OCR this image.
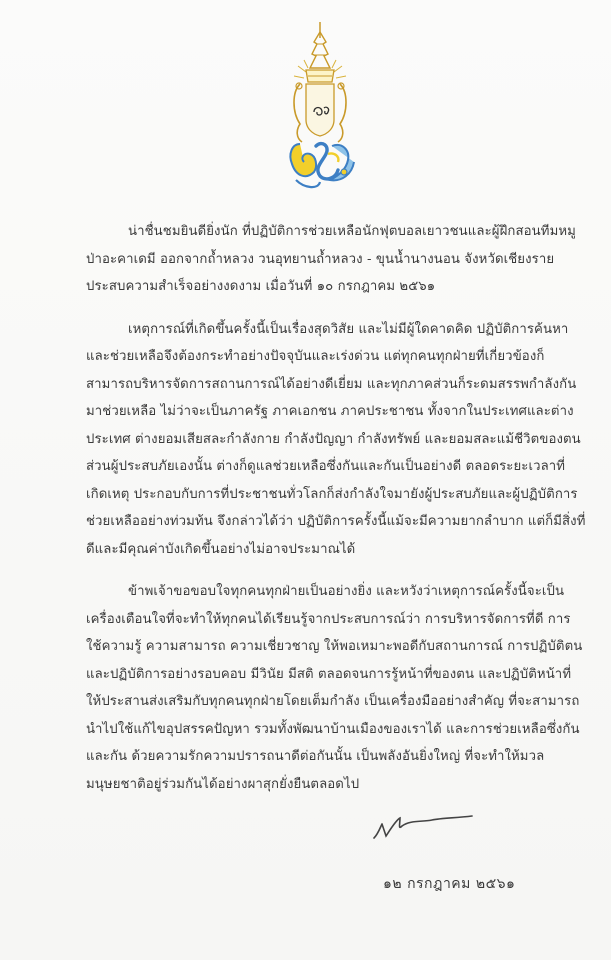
น่าชื่นชมยินดียิ่งนัก ที่ปฏิบัติการช่วยเหลือนักฟุตบอลเยาวชนและผู้ฝึกสอนทีมหมูป่าอะคาเดมี ออกจากถ้ำหลวง วนอุทยานถ้ำหลวง - ขุนน้ำนางนอน จังหวัดเชียงราย ประสบความสำเร็จอย่างงดงาม เมื่อวันที่ ๑๐ กรกฎาคม ๒๕๖๑

เหตุการณ์ที่เกิดขึ้นครั้งนี้เป็นเรื่องสุดวิสัย และไม่มีผู้ใดคาดคิด ปฏิบัติการค้นหาและช่วยเหลือจึงต้องกระทำอย่างปัจจุบันและเร่งด่วน แต่ทุกคนทุกฝ่ายที่เกี่ยวข้องก็สามารถบริหารจัดการสถานการณ์ได้อย่างดีเยี่ยม และทุกภาคส่วนก็ระดมสรรพกำลังกันมาช่วยเหลือ ไม่ว่าจะเป็นภาครัฐ ภาคเอกชน ภาคประชาชน ทั้งจากในประเทศและต่างประเทศ ต่างยอมเสียสละกำลังกาย กำลังปัญญา กำลังทรัพย์ และยอมสละแม้ชีวิตของตน ส่วนผู้ประสบภัยเองนั้น ต่างก็ดูแลช่วยเหลือซึ่งกันและกันเป็นอย่างดี ตลอดระยะเวลาที่เกิดเหตุ ประกอบกับการที่ประชาชนทั่วโลกก็ส่งกำลังใจมายังผู้ประสบภัยและผู้ปฏิบัติการช่วยเหลืออย่างท่วมท้น จึงกล่าวได้ว่า ปฏิบัติการครั้งนี้แม้จะมีความยากลำบาก แต่ก็มีสิ่งที่ดีและมีคุณค่าบังเกิดขึ้นอย่างไม่อาจประมาณได้

ข้าพเจ้าขอขอบใจทุกคนทุกฝ่ายเป็นอย่างยิ่ง และหวังว่าเหตุการณ์ครั้งนี้จะเป็นเครื่องเตือนใจที่จะทำให้ทุกคนได้เรียนรู้จากประสบการณ์ว่า การบริหารจัดการที่ดี การใช้ความรู้ ความสามารถ ความเชี่ยวชาญ ให้พอเหมาะพอดีกับสถานการณ์ การปฏิบัติตนและปฏิบัติการอย่างรอบคอบ มีวินัย มีสติ ตลอดจนการรู้หน้าที่ของตน และปฏิบัติหน้าที่ให้ประสานส่งเสริมกับทุกคนทุกฝ่ายโดยเต็มกำลัง เป็นเครื่องมืออย่างสำคัญ ที่จะสามารถนำไปใช้แก้ไขอุปสรรคปัญหา รวมทั้งพัฒนาบ้านเมืองของเราได้ และการช่วยเหลือซึ่งกันและกัน ด้วยความรักความปรารถนาดีต่อกันนั้น เป็นพลังอันยิ่งใหญ่ ที่จะทำให้มวลมนุษยชาติอยู่ร่วมกันได้อย่างผาสุกยั่งยืนตลอดไป

๑๒ กรกฎาคม ๒๕๖๑
